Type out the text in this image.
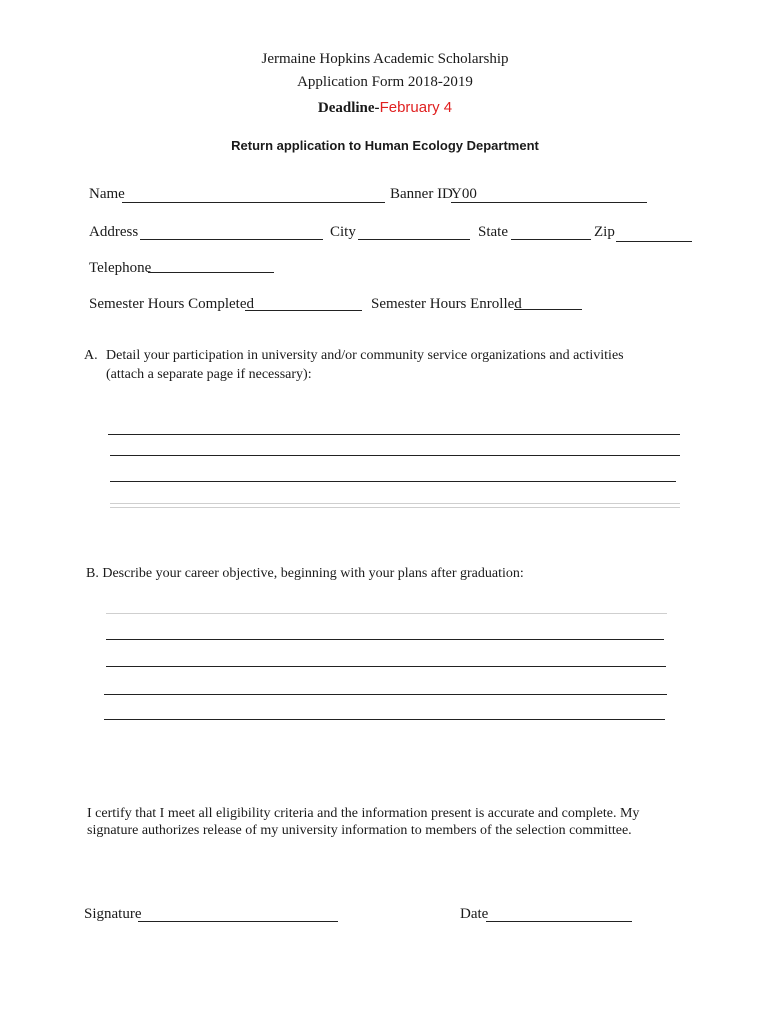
Jermaine Hopkins Academic Scholarship
Application Form 2018-2019
Deadline-February 4
Return application to Human Ecology Department
Name	Banner ID
Y00
Address	City	State	Zip
Telephone
Semester Hours Completed	Semester Hours Enrolled
A. Detail your participation in university and/or community service organizations and activities
(attach a separate page if necessary):
B. Describe your career objective, beginning with your plans after graduation:
I certify that I meet all eligibility criteria and the information present is accurate and complete. My
signature authorizes release of my university information to members of the selection committee.
Signature	Date
